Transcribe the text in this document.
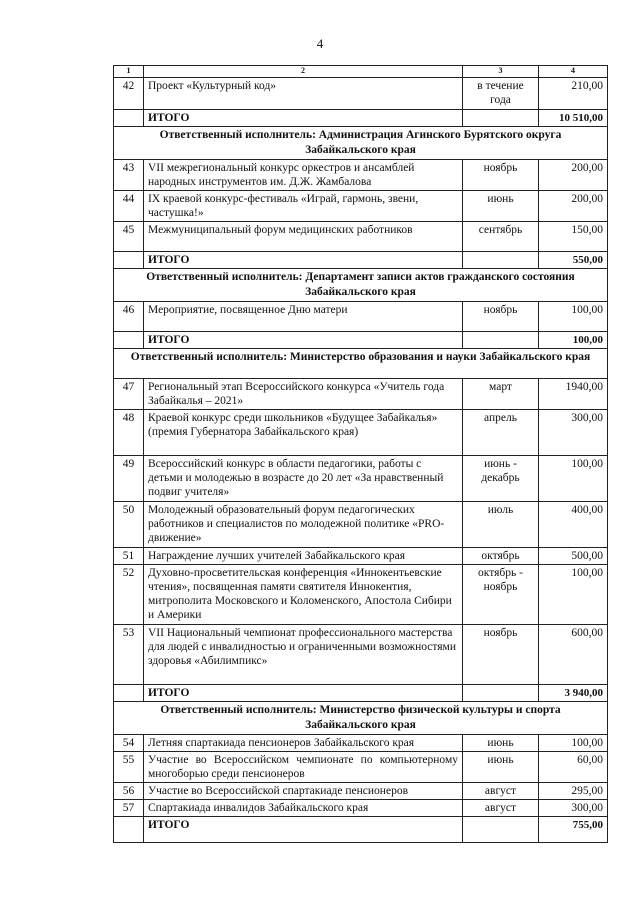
4
1	2	3	4
42	Проект «Культурный код»	в течение года	210,00
	ИТОГО		10 510,00
Ответственный исполнитель: Администрация Агинского Бурятского округа Забайкальского края			
43	VII межрегиональный конкурс оркестров и ансамблей народных инструментов им. Д.Ж. Жамбалова	ноябрь	200,00
44	IX краевой конкурс-фестиваль «Играй, гармонь, звени, частушка!»	июнь	200,00
45	Межмуниципальный форум медицинских работников	сентябрь	150,00
	ИТОГО		550,00
Ответственный исполнитель: Департамент записи актов гражданского состояния Забайкальского края			
46	Мероприятие, посвященное Дню матери	ноябрь	100,00
	ИТОГО		100,00
Ответственный исполнитель: Министерство образования и науки Забайкальского края			
47	Региональный этап Всероссийского конкурса «Учитель года Забайкалья – 2021»	март	1940,00
48	Краевой конкурс среди школьников «Будущее Забайкалья» (премия Губернатора Забайкальского края)	апрель	300,00
49	Всероссийский конкурс в области педагогики, работы с детьми и молодежью в возрасте до 20 лет «За нравственный подвиг учителя»	июнь - декабрь	100,00
50	Молодежный образовательный форум педагогических работников и специалистов по молодежной политике «PRO-движение»	июль	400,00
51	Награждение лучших учителей Забайкальского края	октябрь	500,00
52	Духовно-просветительская конференция «Иннокентьевские чтения», посвященная памяти святителя Иннокентия, митрополита Московского и Коломенского, Апостола Сибири и Америки	октябрь - ноябрь	100,00
53	VII Национальный чемпионат профессионального мастерства для людей с инвалидностью и ограниченными возможностями здоровья «Абилимпикс»	ноябрь	600,00
	ИТОГО		3 940,00
Ответственный исполнитель: Министерство физической культуры и спорта Забайкальского края			
54	Летняя спартакиада пенсионеров Забайкальского края	июнь	100,00
55	Участие во Всероссийском чемпионате по компьютерному многоборью среди пенсионеров	июнь	60,00
56	Участие во Всероссийской спартакиаде пенсионеров	август	295,00
57	Спартакиада инвалидов Забайкальского края	август	300,00
	ИТОГО		755,00
